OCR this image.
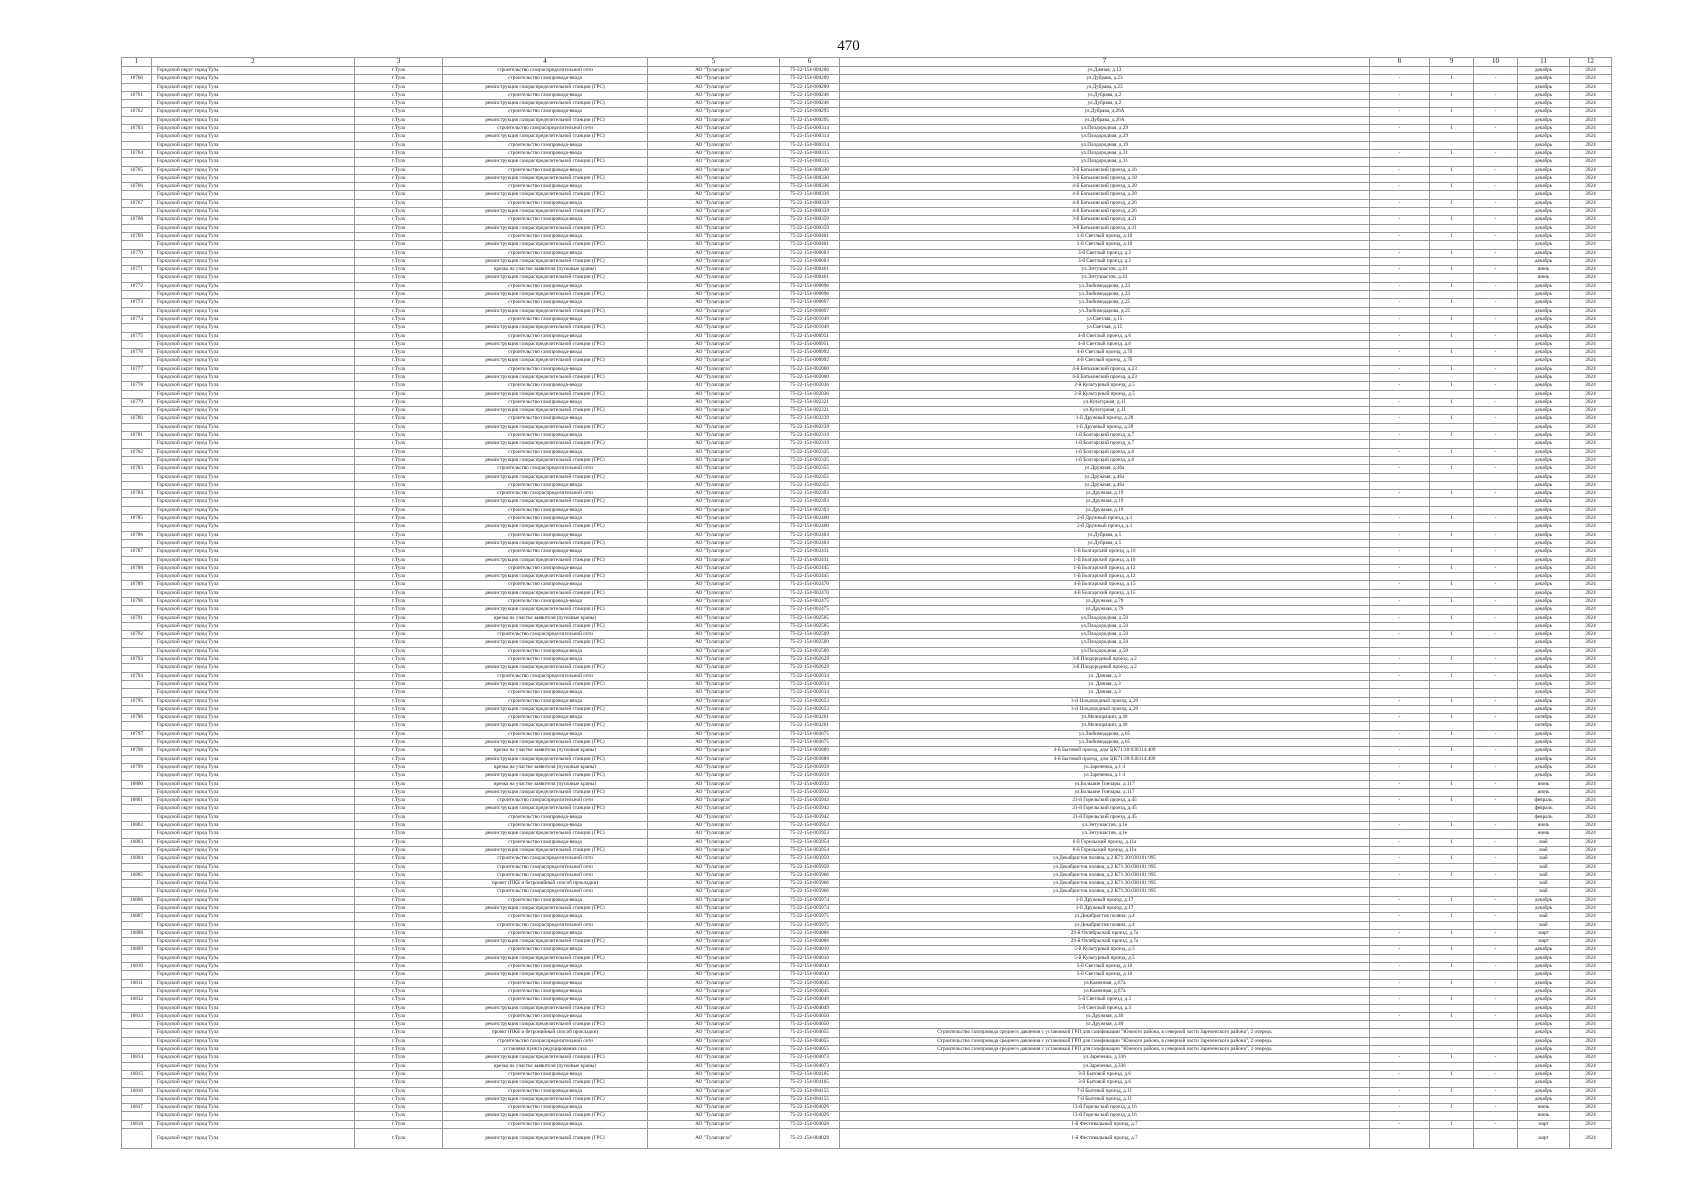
470
1	2	3	4	5	6	7	8	9	10	11	12
	Городской округ город Тула	г.Тула	строительство газораспределительной сети	АО "Тулагоргаз"	75-22-154-000206	ул.Дачная, д.13				декабрь	2024
16760	Городской округ город Тула	г.Тула	строительство газопровода-ввода	АО "Тулагоргаз"	75-22-154-000209	ул.Дубрава, д.23	-	1	-	декабрь	2024
	Городской округ город Тула	г.Тула	реконструкция газораспределительной станции (ГРС)	АО "Тулагоргаз"	75-22-154-000209	ул.Дубрава, д.23				декабрь	2024
16761	Городской округ город Тула	г.Тула	строительство газопровода-ввода	АО "Тулагоргаз"	75-22-154-000246	ул.Дубрава, д.2	-	1	-	декабрь	2024
	Городской округ город Тула	г.Тула	реконструкция газораспределительной станции (ГРС)	АО "Тулагоргаз"	75-22-154-000246	ул.Дубрава, д.2				декабрь	2024
16762	Городской округ город Тула	г.Тула	строительство газопровода-ввода	АО "Тулагоргаз"	75-22-154-000295	ул.Дубрава, д.26А	-	1	-	декабрь	2024
	Городской округ город Тула	г.Тула	реконструкция газораспределительной станции (ГРС)	АО "Тулагоргаз"	75-22-154-000295	ул.Дубрава, д.26А				декабрь	2024
16763	Городской округ город Тула	г.Тула	строительство газораспределительной сети	АО "Тулагоргаз"	75-22-154-000314	ул.Плодородная, д.29	-	1	-	декабрь	2024
	Городской округ город Тула	г.Тула	реконструкция газораспределительной станции (ГРС)	АО "Тулагоргаз"	75-22-154-000314	ул.Плодородная, д.29				декабрь	2024
	Городской округ город Тула	г.Тула	строительство газопровода-ввода	АО "Тулагоргаз"	75-22-154-000314	ул.Плодородная, д.19				декабрь	2024
16764	Городской округ город Тула	г.Тула	строительство газопровода-ввода	АО "Тулагоргаз"	75-22-154-000315	ул.Плодородная, д.31	-	1	-	декабрь	2024
	Городской округ город Тула	г.Тула	реконструкция газораспределительной станции (ГРС)	АО "Тулагоргаз"	75-22-154-000315	ул.Плодородная, д.31				декабрь	2024
16765	Городской округ город Тула	г.Тула	строительство газопровода-ввода	АО "Тулагоргаз"	75-22-154-000330	3-й Батькинский проезд, д.16	-	1	-	декабрь	2024
	Городской округ город Тула	г.Тула	реконструкция газораспределительной станции (ГРС)	АО "Тулагоргаз"	75-22-154-000330	3-й Батькинский проезд, д.18				декабрь	2024
16766	Городской округ город Тула	г.Тула	строительство газопровода-ввода	АО "Тулагоргаз"	75-22-154-000336	4-й Батькинский проезд, д.28	-	1	-	декабрь	2024
	Городской округ город Тула	г.Тула	реконструкция газораспределительной станции (ГРС)	АО "Тулагоргаз"	75-22-154-000336	4-й Батькинский проезд, д.28				декабрь	2024
16767	Городской округ город Тула	г.Тула	строительство газопровода-ввода	АО "Тулагоргаз"	75-22-154-000339	4-й Батькинский проезд, д.26	-	1	-	декабрь	2024
	Городской округ город Тула	г.Тула	реконструкция газораспределительной станции (ГРС)	АО "Тулагоргаз"	75-22-154-000339	4-й Батькинский проезд, д.26				декабрь	2024
16768	Городской округ город Тула	г.Тула	строительство газопровода-ввода	АО "Тулагоргаз"	75-22-154-000359	3-й Батькинский проезд, д.21	-	1	-	декабрь	2024
	Городской округ город Тула	г.Тула	реконструкция газораспределительной станции (ГРС)	АО "Тулагоргаз"	75-22-154-000359	3-й Батькинский проезд, д.21				декабрь	2024
16769	Городской округ город Тула	г.Тула	строительство газопровода-ввода	АО "Тулагоргаз"	75-22-154-000401	1-й Светлый проезд, д.10	-	1	-	декабрь	2024
	Городской округ город Тула	г.Тула	реконструкция газораспределительной станции (ГРС)	АО "Тулагоргаз"	75-22-154-000401	1-й Светлый проезд, д.10				декабрь	2024
16770	Городской округ город Тула	г.Тула	строительство газопровода-ввода	АО "Тулагоргаз"	75-22-154-000603	3-й Светлый проезд, д.2	-	1	-	декабрь	2024
	Городской округ город Тула	г.Тула	реконструкция газораспределительной станции (ГРС)	АО "Тулагоргаз"	75-22-154-000603	3-й Светлый проезд, д.2				декабрь	2024
16771	Городской округ город Тула	г.Тула	врезка на участке заявителя (пусковые краны)	АО "Тулагоргаз"	75-22-154-000461	ул.Энтузиастов, д.41	-	1	-	июнь	2024
	Городской округ город Тула	г.Тула	реконструкция газораспределительной станции (ГРС)	АО "Тулагоргаз"	75-22-154-000461	ул.Энтузиастов, д.43				июнь	2024
16772	Городской округ город Тула	г.Тула	строительство газопровода-ввода	АО "Тулагоргаз"	75-22-154-000896	ул.Любимодарова, д.23	-	1	-	декабрь	2024
	Городской округ город Тула	г.Тула	реконструкция газораспределительной станции (ГРС)	АО "Тулагоргаз"	75-22-154-000896	ул.Любимодарова, д.23				декабрь	2024
16773	Городской округ город Тула	г.Тула	строительство газопровода-ввода	АО "Тулагоргаз"	75-22-154-000897	ул.Любимодарова, д.25	-	1	-	декабрь	2024
	Городской округ город Тула	г.Тула	реконструкция газораспределительной станции (ГРС)	АО "Тулагоргаз"	75-22-154-000897	ул.Любимодарова, д.25				декабрь	2024
16774	Городской округ город Тула	г.Тула	строительство газопровода-ввода	АО "Тулагоргаз"	75-22-154-001049	ул.Светлая, д.15	-	1	-	декабрь	2024
	Городской округ город Тула	г.Тула	реконструкция газораспределительной станции (ГРС)	АО "Тулагоргаз"	75-22-154-001049	ул.Светлая, д.15				декабрь	2024
16775	Городской округ город Тула	г.Тула	строительство газопровода-ввода	АО "Тулагоргаз"	75-22-154-000951	4-й Светлый проезд, д.6	-	1	-	декабрь	2024
	Городской округ город Тула	г.Тула	реконструкция газораспределительной станции (ГРС)	АО "Тулагоргаз"	75-22-154-000951	4-й Светлый проезд, д.6				декабрь	2024
16776	Городской округ город Тула	г.Тула	строительство газопровода-ввода	АО "Тулагоргаз"	75-22-154-000992	4-й Светлый проезд, д.7б	-	1	-	декабрь	2024
	Городской округ город Тула	г.Тула	реконструкция газораспределительной станции (ГРС)	АО "Тулагоргаз"	75-22-154-000992	4-й Светлый проезд, д.7б				декабрь	2024
16777	Городской округ город Тула	г.Тула	строительство газопровода-ввода	АО "Тулагоргаз"	75-22-154-002000	4-й Батькинский проезд, д.23	-	1	-	декабрь	2024
	Городской округ город Тула	г.Тула	реконструкция газораспределительной станции (ГРС)	АО "Тулагоргаз"	75-22-154-002000	4-й Батькинский проезд, д.23				декабрь	2024
16778	Городской округ город Тула	г.Тула	строительство газопровода-ввода	АО "Тулагоргаз"	75-22-154-002036	2-й Культурный проезд, д.5	-	1	-	декабрь	2024
	Городской округ город Тула	г.Тула	реконструкция газораспределительной станции (ГРС)	АО "Тулагоргаз"	75-22-154-002036	2-й Культурный проезд, д.5				декабрь	2024
16779	Городской округ город Тула	г.Тула	строительство газопровода-ввода	АО "Тулагоргаз"	75-22-154-002221	ул.Культурная, д.11	-	1	-	декабрь	2024
	Городской округ город Тула	г.Тула	реконструкция газораспределительной станции (ГРС)	АО "Тулагоргаз"	75-22-154-002221	ул.Культурная, д.11				декабрь	2024
16780	Городской округ город Тула	г.Тула	строительство газопровода-ввода	АО "Тулагоргаз"	75-22-154-002239	1-й Дружный проезд, д.28	-	1	-	декабрь	2024
	Городской округ город Тула	г.Тула	реконструкция газораспределительной станции (ГРС)	АО "Тулагоргаз"	75-22-154-002239	1-й Дружный проезд, д.28				декабрь	2024
16781	Городской округ город Тула	г.Тула	строительство газопровода-ввода	АО "Тулагоргаз"	75-22-154-002319	1-й Болгарский проезд, д.7	-	1	-	декабрь	2024
	Городской округ город Тула	г.Тула	реконструкция газораспределительной станции (ГРС)	АО "Тулагоргаз"	75-22-154-002319	1-й Болгарский проезд, д.7				декабрь	2024
16782	Городской округ город Тула	г.Тула	строительство газопровода-ввода	АО "Тулагоргаз"	75-22-154-002325	1-й Болгарский проезд, д.6	-	1	-	декабрь	2024
	Городской округ город Тула	г.Тула	реконструкция газораспределительной станции (ГРС)	АО "Тулагоргаз"	75-22-154-002325	1-й Болгарский проезд, д.6				декабрь	2024
16783	Городской округ город Тула	г.Тула	строительство газораспределительной сети	АО "Тулагоргаз"	75-22-154-002355	ул.Дружная, д.46а	-	1	-	декабрь	2024
	Городской округ город Тула	г.Тула	реконструкция газораспределительной станции (ГРС)	АО "Тулагоргаз"	75-22-154-002355	ул.Дружная, д.46а				декабрь	2024
	Городской округ город Тула	г.Тула	строительство газопровода-ввода	АО "Тулагоргаз"	75-22-154-002355	ул.Дружная, д.46а				декабрь	2024
16784	Городской округ город Тула	г.Тула	строительство газораспределительной сети	АО "Тулагоргаз"	75-22-154-002393	ул.Дружная, д.19	-	1	-	декабрь	2024
	Городской округ город Тула	г.Тула	реконструкция газораспределительной станции (ГРС)	АО "Тулагоргаз"	75-22-154-002393	ул.Дружная, д.19				декабрь	2024
	Городской округ город Тула	г.Тула	строительство газопровода-ввода	АО "Тулагоргаз"	75-22-154-002393	ул.Дружная, д.19				декабрь	2024
16785	Городской округ город Тула	г.Тула	строительство газопровода-ввода	АО "Тулагоргаз"	75-22-154-002400	2-й Дружный проезд, д.3	-	1	-	декабрь	2024
	Городской округ город Тула	г.Тула	реконструкция газораспределительной станции (ГРС)	АО "Тулагоргаз"	75-22-154-002400	2-й Дружный проезд, д.3				декабрь	2024
16786	Городской округ город Тула	г.Тула	строительство газопровода-ввода	АО "Тулагоргаз"	75-22-154-002403	ул.Дубрава, д.5	-	1	-	декабрь	2024
	Городской округ город Тула	г.Тула	реконструкция газораспределительной станции (ГРС)	АО "Тулагоргаз"	75-22-154-002403	ул.Дубрава, д.5				декабрь	2024
16787	Городской округ город Тула	г.Тула	строительство газопровода-ввода	АО "Тулагоргаз"	75-22-154-002431	1-й Болгарский проезд, д.16	-	1	-	декабрь	2024
	Городской округ город Тула	г.Тула	реконструкция газораспределительной станции (ГРС)	АО "Тулагоргаз"	75-22-154-002431	1-й Болгарский проезд, д.16				декабрь	2024
16788	Городской округ город Тула	г.Тула	строительство газопровода-ввода	АО "Тулагоргаз"	75-22-154-002445	1-й Болгарский проезд, д.12	-	1	-	декабрь	2024
	Городской округ город Тула	г.Тула	реконструкция газораспределительной станции (ГРС)	АО "Тулагоргаз"	75-22-154-002445	1-й Болгарский проезд, д.12				декабрь	2024
16789	Городской округ город Тула	г.Тула	строительство газопровода-ввода	АО "Тулагоргаз"	75-22-154-002470	4-й Болгарский проезд, д.15	-	1	-	декабрь	2024
	Городской округ город Тула	г.Тула	реконструкция газораспределительной станции (ГРС)	АО "Тулагоргаз"	75-22-154-002470	4-й Болгарский проезд, д.15				декабрь	2024
16790	Городской округ город Тула	г.Тула	строительство газопровода-ввода	АО "Тулагоргаз"	75-22-154-002475	ул.Дружная, д.79	-	1	-	декабрь	2024
	Городской округ город Тула	г.Тула	реконструкция газораспределительной станции (ГРС)	АО "Тулагоргаз"	75-22-154-002475	ул.Дружная, д.79				декабрь	2024
16791	Городской округ город Тула	г.Тула	врезка на участке заявителя (пусковые краны)	АО "Тулагоргаз"	75-22-154-002505	ул.Плодородная, д.50	-	1	-	декабрь	2024
	Городской округ город Тула	г.Тула	реконструкция газораспределительной станции (ГРС)	АО "Тулагоргаз"	75-22-154-002505	ул.Плодородная, д.50				декабрь	2024
16792	Городской округ город Тула	г.Тула	строительство газораспределительной сети	АО "Тулагоргаз"	75-22-154-002509	ул.Плодородная, д.50	-	1	-	декабрь	2024
	Городской округ город Тула	г.Тула	реконструкция газораспределительной станции (ГРС)	АО "Тулагоргаз"	75-22-154-002509	ул.Плодородная, д.50				декабрь	2024
	Городской округ город Тула	г.Тула	строительство газопровода-ввода	АО "Тулагоргаз"	75-22-154-002509	ул.Плодородная, д.50				декабрь	2024
16793	Городской округ город Тула	г.Тула	строительство газопровода-ввода	АО "Тулагоргаз"	75-22-154-002629	3-й Плодородный проезд, д.2	-	1	-	декабрь	2024
	Городской округ город Тула	г.Тула	реконструкция газораспределительной станции (ГРС)	АО "Тулагоргаз"	75-22-154-002629	3-й Плодородный проезд, д.2				декабрь	2024
16794	Городской округ город Тула	г.Тула	строительство газораспределительной сети	АО "Тулагоргаз"	75-22-154-002634	ул. Дачная, д.3	-	1	-	декабрь	2024
	Городской округ город Тула	г.Тула	реконструкция газораспределительной станции (ГРС)	АО "Тулагоргаз"	75-22-154-002634	ул. Дачная, д.3				декабрь	2024
	Городской округ город Тула	г.Тула	строительство газопровода-ввода	АО "Тулагоргаз"	75-22-154-002634	ул. Дачная, д.3				декабрь	2024
16795	Городской округ город Тула	г.Тула	строительство газопровода-ввода	АО "Тулагоргаз"	75-22-154-002653	3-й Плодородный проезд, д.20	-	1	-	декабрь	2024
	Городской округ город Тула	г.Тула	реконструкция газораспределительной станции (ГРС)	АО "Тулагоргаз"	75-22-154-002653	3-й Плодородный проезд, д.20				декабрь	2024
16796	Городской округ город Тула	г.Тула	строительство газопровода-ввода	АО "Тулагоргаз"	75-22-154-003201	ул.Мелиорации, д.40	-	1	-	октябрь	2024
	Городской округ город Тула	г.Тула	реконструкция газораспределительной станции (ГРС)	АО "Тулагоргаз"	75-22-154-003201	ул.Мелиорации, д.40				октябрь	2024
16797	Городской округ город Тула	г.Тула	строительство газопровода-ввода	АО "Тулагоргаз"	75-22-154-003675	ул.Любимодарова, д.65	-	1	-	декабрь	2024
	Городской округ город Тула	г.Тула	реконструкция газораспределительной станции (ГРС)	АО "Тулагоргаз"	75-22-154-003675	ул.Любимодарова, д.65				декабрь	2024
16798	Городской округ город Тула	г.Тула	врезка на участке заявителя (пусковые краны)	АО "Тулагоргаз"	75-22-154-003889	4-й Бытовой проезд, дом 5(К71:30:030314:409	-	1	-	декабрь	2024
	Городской округ город Тула	г.Тула	реконструкция газораспределительной станции (ГРС)	АО "Тулагоргаз"	75-22-154-003889	4-й Бытовой проезд, дом 5(К71:30:030314:409				декабрь	2024
16799	Городской округ город Тула	г.Тула	врезка на участке заявителя (пусковые краны)	АО "Тулагоргаз"	75-22-154-003939	ул.Зареченка, д.1-3	-	1	-	декабрь	2024
	Городской округ город Тула	г.Тула	реконструкция газораспределительной станции (ГРС)	АО "Тулагоргаз"	75-22-154-003939	ул.Зареченка, д.1-3				декабрь	2024
16800	Городской округ город Тула	г.Тула	врезка на участке заявителя (пусковые краны)	АО "Тулагоргаз"	75-22-154-003932	ул.Большие Гончары, д.117	-	1	-	июнь	2024
	Городской округ город Тула	г.Тула	реконструкция газораспределительной станции (ГРС)	АО "Тулагоргаз"	75-22-154-003932	ул.Большие Гончары, д.117				июнь	2024
16801	Городской округ город Тула	г.Тула	строительство газораспределительной сети	АО "Тулагоргаз"	75-22-154-003942	21-й Горельский проезд, д.45	-	1	-	февраль	2024
	Городской округ город Тула	г.Тула	реконструкция газораспределительной станции (ГРС)	АО "Тулагоргаз"	75-22-154-003942	21-й Горельский проезд, д.45				февраль	2024
	Городской округ город Тула	г.Тула	строительство газопровода-ввода	АО "Тулагоргаз"	75-22-154-003942	21-й Горельский проезд, д.45				февраль	2024
16802	Городской округ город Тула	г.Тула	строительство газопровода-ввода	АО "Тулагоргаз"	75-22-154-003953	ул.Энтузиастов, д.1е	-	1	-	июнь	2024
	Городской округ город Тула	г.Тула	реконструкция газораспределительной станции (ГРС)	АО "Тулагоргаз"	75-22-154-003953	ул.Энтузиастов, д.1е				июнь	2024
16803	Городской округ город Тула	г.Тула	строительство газопровода-ввода	АО "Тулагоргаз"	75-22-154-003954	6-й Горельский проезд, д.11а	-	1	-	май	2024
	Городской округ город Тула	г.Тула	реконструкция газораспределительной станции (ГРС)	АО "Тулагоргаз"	75-22-154-003954	6-й Горельский проезд, д.11а				май	2024
16804	Городской округ город Тула	г.Тула	строительство газораспределительной сети	АО "Тулагоргаз"	75-22-154-003959	ул.Декабристов поляна, д.2 К71:30:030101:995	-	1	-	май	2024
	Городской округ город Тула	г.Тула	строительство газораспределительной сети	АО "Тулагоргаз"	75-22-154-003959	ул.Декабристов поляна, д.2 К71:30:030101:995				май	2024
16805	Городской округ город Тула	г.Тула	строительство газораспределительной сети	АО "Тулагоргаз"	75-22-154-003966	ул.Декабристов поляна, д.2 К71:30:030101:995	-	1	-	май	2024
	Городской округ город Тула	г.Тула	проект (ПКБ и бетронийный способ прокладки)	АО "Тулагоргаз"	75-22-154-003966	ул.Декабристов поляна, д.2 К71:30:030101:995				май	2024
	Городской округ город Тула	г.Тула	строительство газораспределительной сети	АО "Тулагоргаз"	75-22-154-003966	ул.Декабристов поляна, д.2 К71:30:030101:995				май	2024
16806	Городской округ город Тула	г.Тула	строительство газопровода-ввода	АО "Тулагоргаз"	75-22-154-003974	1-й Дружный проезд, д.17	-	1	-	декабрь	2024
	Городской округ город Тула	г.Тула	реконструкция газораспределительной станции (ГРС)	АО "Тулагоргаз"	75-22-154-003974	1-й Дружный проезд, д.17				декабрь	2024
16807	Городской округ город Тула	г.Тула	строительство газопровода-ввода	АО "Тулагоргаз"	75-22-154-003975	ул.Декабристов поляна, д.4	-	1	-	май	2024
	Городской округ город Тула	г.Тула	строительство газораспределительной сети	АО "Тулагоргаз"	75-22-154-003975	ул.Декабристов поляна, д.4				май	2024
16808	Городской округ город Тула	г.Тула	строительство газопровода-ввода	АО "Тулагоргаз"	75-22-154-004006	29-й Октябрьский проезд, д.7а	-	1	-	март	2024
	Городской округ город Тула	г.Тула	реконструкция газораспределительной станции (ГРС)	АО "Тулагоргаз"	75-22-154-004006	29-й Октябрьский проезд, д.7а				март	2024
16809	Городской округ город Тула	г.Тула	строительство газопровода-ввода	АО "Тулагоргаз"	75-22-154-004010	5-й Культурный проезд, д.5	-	1	-	декабрь	2024
	Городской округ город Тула	г.Тула	реконструкция газораспределительной станции (ГРС)	АО "Тулагоргаз"	75-22-154-004010	5-й Культурный проезд, д.5				декабрь	2024
16810	Городской округ город Тула	г.Тула	строительство газопровода-ввода	АО "Тулагоргаз"	75-22-154-004043	5-й Светлый проезд, д.10	-	1	-	декабрь	2024
	Городской округ город Тула	г.Тула	реконструкция газораспределительной станции (ГРС)	АО "Тулагоргаз"	75-22-154-004043	5-й Светлый проезд, д.10				декабрь	2024
16811	Городской округ город Тула	г.Тула	строительство газопровода-ввода	АО "Тулагоргаз"	75-22-154-004045	ул.Каменная, д.67а	-	1	-	декабрь	2024
	Городской округ город Тула	г.Тула	строительство газопровода-ввода	АО "Тулагоргаз"	75-22-154-004045	ул.Каменная, д.67а				декабрь	2024
16812	Городской округ город Тула	г.Тула	строительство газопровода-ввода	АО "Тулагоргаз"	75-22-154-004049	5-й Светлый проезд, д.3	-	1	-	декабрь	2024
	Городской округ город Тула	г.Тула	реконструкция газораспределительной станции (ГРС)	АО "Тулагоргаз"	75-22-154-004049	5-й Светлый проезд, д.3				декабрь	2024
16813	Городской округ город Тула	г.Тула	строительство газопровода-ввода	АО "Тулагоргаз"	75-22-154-004050	ул.Дружная, д.40	-	1	-	декабрь	2024
	Городской округ город Тула	г.Тула	реконструкция газораспределительной станции (ГРС)	АО "Тулагоргаз"	75-22-154-004050	ул.Дружная, д.40				декабрь	2024
	Городской округ город Тула	г.Тула	проект (ПКБ и бетронийный способ прокладки)	АО "Тулагоргаз"	75-22-154-004055	Строительство газопровода среднего давления с установкой ГРП для газификации "Южного района, в северной части Зареченского района", 2 очередь				декабрь	2024
	Городской округ город Тула	г.Тула	строительство газораспределительной сети	АО "Тулагоргаз"	75-22-154-004055	Строительство газопровода среднего давления с установкой ГРП для газификации "Южного района, в северной части Зареченского района", 2 очередь				декабрь	2024
	Городской округ город Тула	г.Тула	установка пункта редуцирования газа	АО "Тулагоргаз"	75-22-154-004055	Строительство газопровода среднего давления с установкой ГРП для газификации "Южного района, в северной части Зареченского района", 2 очередь				декабрь	2024
16814	Городской округ город Тула	г.Тула	реконструкция газораспределительной станции (ГРС)	АО "Тулагоргаз"	75-22-154-004073	ул.Зареченка, д.336	-	1	-	декабрь	2024
	Городской округ город Тула	г.Тула	врезка на участке заявителя (пусковые краны)	АО "Тулагоргаз"	75-22-154-004073	ул.Зареченка, д.336				декабрь	2024
16815	Городской округ город Тула	г.Тула	строительство газопровода-ввода	АО "Тулагоргаз"	75-22-154-004105	3-й Бытовой проезд, д.6	-	1	-	декабрь	2024
	Городской округ город Тула	г.Тула	реконструкция газораспределительной станции (ГРС)	АО "Тулагоргаз"	75-22-154-004105	3-й Бытовой проезд, д.6				декабрь	2024
16816	Городской округ город Тула	г.Тула	строительство газопровода-ввода	АО "Тулагоргаз"	75-22-154-004155	7-й Бытовой проезд, д.11	-	1	-	декабрь	2024
	Городской округ город Тула	г.Тула	реконструкция газораспределительной станции (ГРС)	АО "Тулагоргаз"	75-22-154-004155	7-й Бытовой проезд, д.11				декабрь	2024
16817	Городской округ город Тула	г.Тула	строительство газопровода-ввода	АО "Тулагоргаз"	75-22-154-004026	13-й Горельский проезд, д.16	-	1	-	июнь	2024
	Городской округ город Тула	г.Тула	реконструкция газораспределительной станции (ГРС)	АО "Тулагоргаз"	75-22-154-004026	13-й Горельский проезд, д.16				июнь	2024
16818	Городской округ город Тула	г.Тула	строительство газопровода-ввода	АО "Тулагоргаз"	75-22-154-004028	1-й Фестивальный проезд, д.7	-	1	-	март	2024
	Городской округ город Тула	г.Тула	реконструкция газораспределительной станции (ГРС)	АО "Тулагоргаз"	75-22-154-004028	1-й Фестивальный проезд, д.7				март	2024
